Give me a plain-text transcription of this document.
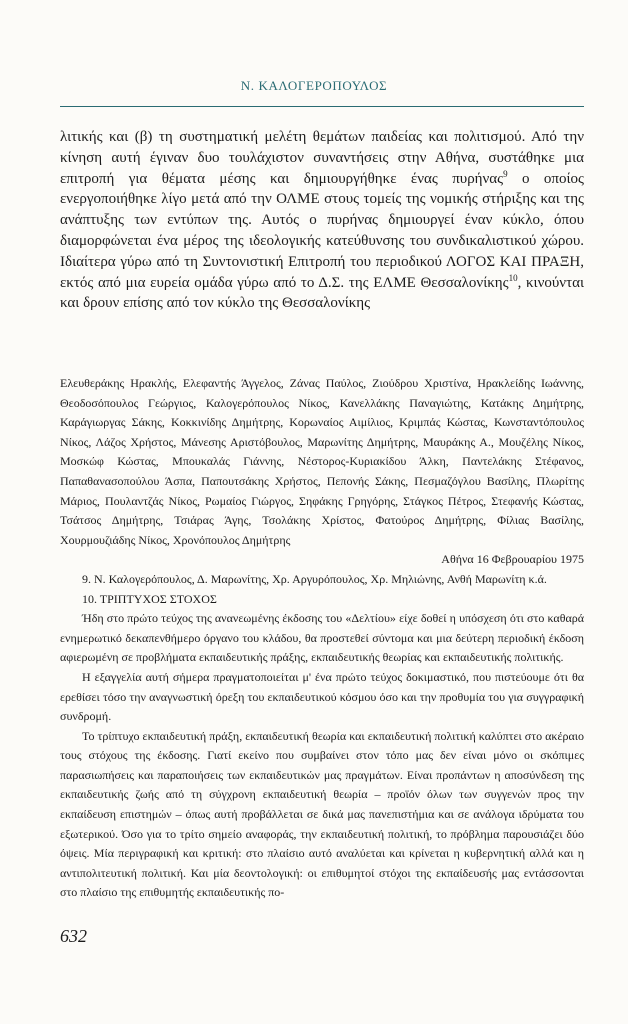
Ν. ΚΑΛΟΓΕΡΟΠΟΥΛΟΣ

λιτικής και (β) τη συστηματική μελέτη θεμάτων παιδείας και πολιτισμού. Από την κίνηση αυτή έγιναν δυο τουλάχιστον συναντήσεις στην Αθήνα, συστάθηκε μια επιτροπή για θέματα μέσης και δημιουργήθηκε ένας πυρήνας$^9$ ο οποίος ενεργοποιήθηκε λίγο μετά από την ΟΛΜΕ στους τομείς της νομικής στήριξης και της ανάπτυξης των εντύπων της. Αυτός ο πυρήνας δημιουργεί έναν κύκλο, όπου διαμορφώνεται ένα μέρος της ιδεολογικής κατεύθυνσης του συνδικαλιστικού χώρου. Ιδιαίτερα γύρω από τη Συντονιστική Επιτροπή του περιοδικού ΛΟΓΟΣ ΚΑΙ ΠΡΑΞΗ, εκτός από μια ευρεία ομάδα γύρω από το Δ.Σ. της ΕΛΜΕ Θεσσαλονίκης$^{10}$, κινούνται και δρουν επίσης από τον κύκλο της Θεσσαλονίκης

Ελευθεράκης Ηρακλής, Ελεφαντής Άγγελος, Ζάνας Παύλος, Ζιούδρου Χριστίνα, Ηρακλείδης Ιωάννης, Θεοδοσόπουλος Γεώργιος, Καλογερόπουλος Νίκος, Κανελλάκης Παναγιώτης, Κατάκης Δημήτρης, Καράγιωργας Σάκης, Κοκκινίδης Δημήτρης, Κορωναίος Αιμίλιος, Κριμπάς Κώστας, Κωνσταντόπουλος Νίκος, Λάζος Χρήστος, Μάνεσης Αριστόβουλος, Μαρωνίτης Δημήτρης, Μαυράκης Α., Μουζέλης Νίκος, Μοσκώφ Κώστας, Μπουκαλάς Γιάννης, Νέστορος-Κυριακίδου Άλκη, Παντελάκης Στέφανος, Παπαθανασοπούλου Άσπα, Παπουτσάκης Χρήστος, Πεπονής Σάκης, Πεσμαζόγλου Βασίλης, Πλωρίτης Μάριος, Πουλαντζάς Νίκος, Ρωμαίος Γιώργος, Σηφάκης Γρηγόρης, Στάγκος Πέτρος, Στεφανής Κώστας, Τσάτσος Δημήτρης, Τσιάρας Άγης, Τσολάκης Χρίστος, Φατούρος Δημήτρης, Φίλιας Βασίλης, Χουρμουζιάδης Νίκος, Χρονόπουλος Δημήτρης

Αθήνα 16 Φεβρουαρίου 1975

9. Ν. Καλογερόπουλος, Δ. Μαρωνίτης, Χρ. Αργυρόπουλος, Χρ. Μηλιώνης, Ανθή Μαρωνίτη κ.ά.

10. ΤΡΙΠΤΥΧΟΣ ΣΤΟΧΟΣ

Ήδη στο πρώτο τεύχος της ανανεωμένης έκδοσης του «Δελτίου» είχε δοθεί η υπόσχεση ότι στο καθαρά ενημερωτικό δεκαπενθήμερο όργανο του κλάδου, θα προστεθεί σύντομα και μια δεύτερη περιοδική έκδοση αφιερωμένη σε προβλήματα εκπαιδευτικής πράξης, εκπαιδευτικής θεωρίας και εκπαιδευτικής πολιτικής.

Η εξαγγελία αυτή σήμερα πραγματοποιείται μ' ένα πρώτο τεύχος δοκιμαστικό, που πιστεύουμε ότι θα ερεθίσει τόσο την αναγνωστική όρεξη του εκπαιδευτικού κόσμου όσο και την προθυμία του για συγγραφική συνδρομή.

Το τρίπτυχο εκπαιδευτική πράξη, εκπαιδευτική θεωρία και εκπαιδευτική πολιτική καλύπτει στο ακέραιο τους στόχους της έκδοσης. Γιατί εκείνο που συμβαίνει στον τόπο μας δεν είναι μόνο οι σκόπιμες παρασιωπήσεις και παραποιήσεις των εκπαιδευτικών μας πραγμάτων. Είναι προπάντων η αποσύνδεση της εκπαιδευτικής ζωής από τη σύγχρονη εκπαιδευτική θεωρία – προϊόν όλων των συγγενών προς την εκπαίδευση επιστημών – όπως αυτή προβάλλεται σε δικά μας πανεπιστήμια και σε ανάλογα ιδρύματα του εξωτερικού. Όσο για το τρίτο σημείο αναφοράς, την εκπαιδευτική πολιτική, το πρόβλημα παρουσιάζει δύο όψεις. Μία περιγραφική και κριτική: στο πλαίσιο αυτό αναλύεται και κρίνεται η κυβερνητική αλλά και η αντιπολιτευτική πολιτική. Και μία δεοντολογική: οι επιθυμητοί στόχοι της εκπαίδευσής μας εντάσσονται στο πλαίσιο της επιθυμητής εκπαιδευτικής πο-

632
